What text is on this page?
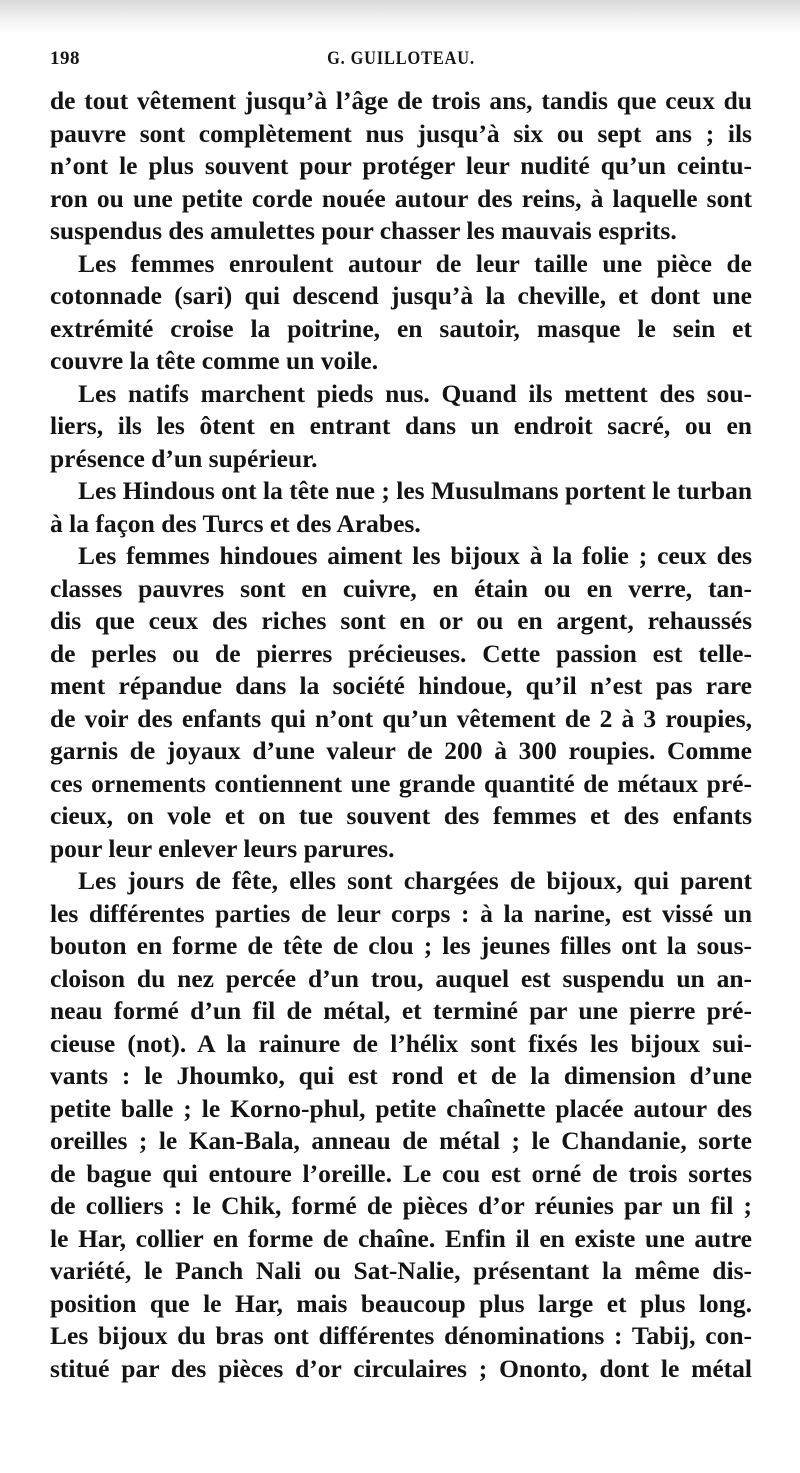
198	G. GUILLOTEAU.
de tout vêtement jusqu’à l’âge de trois ans, tandis que ceux du
pauvre sont complètement nus jusqu’à six ou sept ans ; ils
n’ont le plus souvent pour protéger leur nudité qu’un ceintu-
ron ou une petite corde nouée autour des reins, à laquelle sont
suspendus des amulettes pour chasser les mauvais esprits.
Les femmes enroulent autour de leur taille une pièce de
cotonnade (sari) qui descend jusqu’à la cheville, et dont une
extrémité croise la poitrine, en sautoir, masque le sein et
couvre la tête comme un voile.
Les natifs marchent pieds nus. Quand ils mettent des sou-
liers, ils les ôtent en entrant dans un endroit sacré, ou en
présence d’un supérieur.
Les Hindous ont la tête nue ; les Musulmans portent le turban
à la façon des Turcs et des Arabes.
Les femmes hindoues aiment les bijoux à la folie ; ceux des
classes pauvres sont en cuivre, en étain ou en verre, tan-
dis que ceux des riches sont en or ou en argent, rehaussés
de perles ou de pierres précieuses. Cette passion est telle-
ment répandue dans la société hindoue, qu’il n’est pas rare
de voir des enfants qui n’ont qu’un vêtement de 2 à 3 roupies,
garnis de joyaux d’une valeur de 200 à 300 roupies. Comme
ces ornements contiennent une grande quantité de métaux pré-
cieux, on vole et on tue souvent des femmes et des enfants
pour leur enlever leurs parures.
Les jours de fête, elles sont chargées de bijoux, qui parent
les différentes parties de leur corps : à la narine, est vissé un
bouton en forme de tête de clou ; les jeunes filles ont la sous-
cloison du nez percée d’un trou, auquel est suspendu un an-
neau formé d’un fil de métal, et terminé par une pierre pré-
cieuse (not). A la rainure de l’hélix sont fixés les bijoux sui-
vants : le Jhoumko, qui est rond et de la dimension d’une
petite balle ; le Korno-phul, petite chaînette placée autour des
oreilles ; le Kan-Bala, anneau de métal ; le Chandanie, sorte
de bague qui entoure l’oreille. Le cou est orné de trois sortes
de colliers : le Chik, formé de pièces d’or réunies par un fil ;
le Har, collier en forme de chaîne. Enfin il en existe une autre
variété, le Panch Nali ou Sat-Nalie, présentant la même dis-
position que le Har, mais beaucoup plus large et plus long.
Les bijoux du bras ont différentes dénominations : Tabij, con-
stitué par des pièces d’or circulaires ; Ononto, dont le métal
